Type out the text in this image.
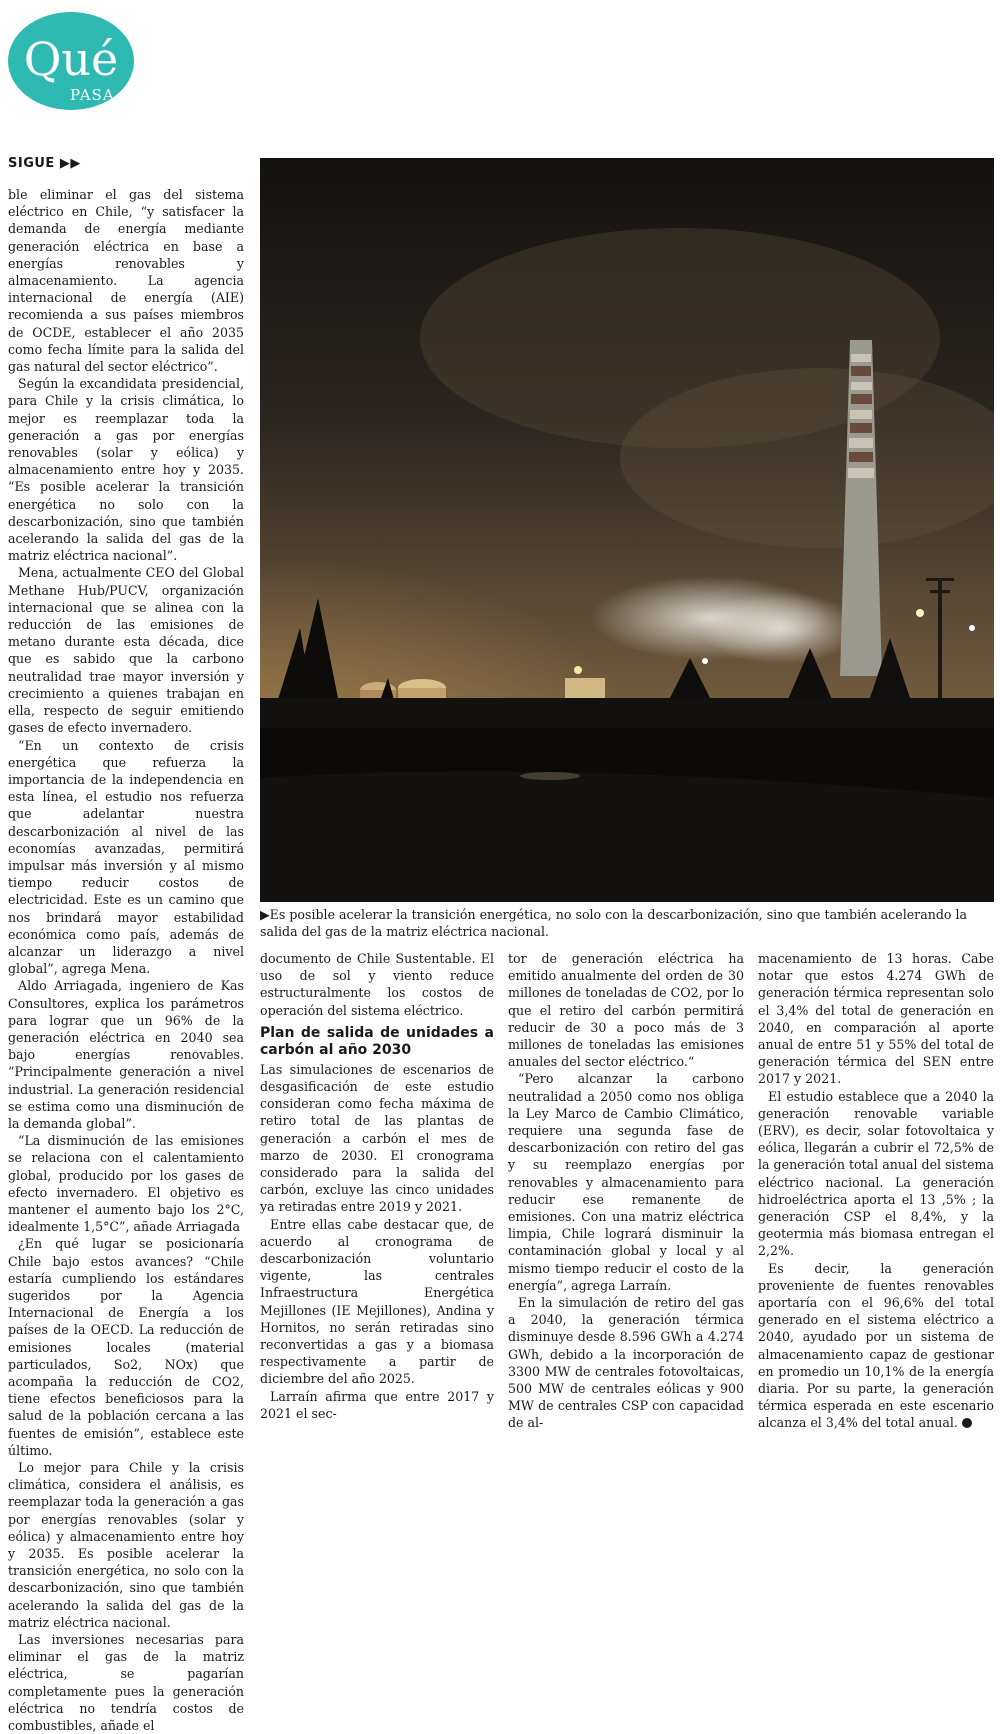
Qué
PASA
SIGUE ▶▶

ble eliminar el gas del sistema eléctrico en Chile, “y satisfacer la demanda de energía mediante generación eléctrica en base a energías renovables y almacenamiento. La agencia internacional de energía (AIE) recomienda a sus países miembros de OCDE, establecer el año 2035 como fecha límite para la salida del gas natural del sector eléctrico”.

Según la excandidata presidencial, para Chile y la crisis climática, lo mejor es reemplazar toda la generación a gas por energías renovables (solar y eólica) y almacenamiento entre hoy y 2035. “Es posible acelerar la transición energética no solo con la descarbonización, sino que también acelerando la salida del gas de la matriz eléctrica nacional”.

Mena, actualmente CEO del Global Methane Hub/PUCV, organización internacional que se alinea con la reducción de las emisiones de metano durante esta década, dice que es sabido que la carbono neutralidad trae mayor inversión y crecimiento a quienes trabajan en ella, respecto de seguir emitiendo gases de efecto invernadero.

“En un contexto de crisis energética que refuerza la importancia de la independencia en esta línea, el estudio nos refuerza que adelantar nuestra descarbonización al nivel de las economías avanzadas, permitirá impulsar más inversión y al mismo tiempo reducir costos de electricidad. Este es un camino que nos brindará mayor estabilidad económica como país, además de alcanzar un liderazgo a nivel global”, agrega Mena.

Aldo Arriagada, ingeniero de Kas Consultores, explica los parámetros para lograr que un 96% de la generación eléctrica en 2040 sea bajo energías renovables. “Principalmente generación a nivel industrial. La generación residencial se estima como una disminución de la demanda global”.

“La disminución de las emisiones se relaciona con el calentamiento global, producido por los gases de efecto invernadero. El objetivo es mantener el aumento bajo los 2°C, idealmente 1,5°C”, añade Arriagada

¿En qué lugar se posicionaría Chile bajo estos avances? “Chile estaría cumpliendo los estándares sugeridos por la Agencia Internacional de Energía a los países de la OECD. La reducción de emisiones locales (material particulados, So2, NOx) que acompaña la reducción de CO2, tiene efectos beneficiosos para la salud de la población cercana a las fuentes de emisión”, establece este último.

Lo mejor para Chile y la crisis climática, considera el análisis, es reemplazar toda la generación a gas por energías renovables (solar y eólica) y almacenamiento entre hoy y 2035. Es posible acelerar la transición energética, no solo con la descarbonización, sino que también acelerando la salida del gas de la matriz eléctrica nacional.

Las inversiones necesarias para eliminar el gas de la matriz eléctrica, se pagarían completamente pues la generación eléctrica no tendría costos de combustibles, añade el

▶Es posible acelerar la transición energética, no solo con la descarbonización, sino que también acelerando la salida del gas de la matriz eléctrica nacional.

documento de Chile Sustentable. El uso de sol y viento reduce estructuralmente los costos de operación del sistema eléctrico.

Plan de salida de unidades a carbón al año 2030

Las simulaciones de escenarios de desgasificación de este estudio consideran como fecha máxima de retiro total de las plantas de generación a carbón el mes de marzo de 2030. El cronograma considerado para la salida del carbón, excluye las cinco unidades ya retiradas entre 2019 y 2021.

Entre ellas cabe destacar que, de acuerdo al cronograma de descarbonización voluntario vigente, las centrales Infraestructura Energética Mejillones (IE Mejillones), Andina y Hornitos, no serán retiradas sino reconvertidas a gas y a biomasa respectivamente a partir de diciembre del año 2025.

Larraín afirma que entre 2017 y 2021 el sec-

tor de generación eléctrica ha emitido anualmente del orden de 30 millones de toneladas de CO2, por lo que el retiro del carbón permitirá reducir de 30 a poco más de 3 millones de toneladas las emisiones anuales del sector eléctrico.“

“Pero alcanzar la carbono neutralidad a 2050 como nos obliga la Ley Marco de Cambio Climático, requiere una segunda fase de descarbonización con retiro del gas y su reemplazo energías por renovables y almacenamiento para reducir ese remanente de emisiones. Con una matriz eléctrica limpia, Chile logrará disminuir la contaminación global y local y al mismo tiempo reducir el costo de la energía”, agrega Larraín.

En la simulación de retiro del gas a 2040, la generación térmica disminuye desde 8.596 GWh a 4.274 GWh, debido a la incorporación de 3300 MW de centrales fotovoltaicas, 500 MW de centrales eólicas y 900 MW de centrales CSP con capacidad de al-

macenamiento de 13 horas. Cabe notar que estos 4.274 GWh de generación térmica representan solo el 3,4% del total de generación en 2040, en comparación al aporte anual de entre 51 y 55% del total de generación térmica del SEN entre 2017 y 2021.

El estudio establece que a 2040 la generación renovable variable (ERV), es decir, solar fotovoltaica y eólica, llegarán a cubrir el 72,5% de la generación total anual del sistema eléctrico nacional. La generación hidroeléctrica aporta el 13 ,5% ; la generación CSP el 8,4%, y la geotermia más biomasa entregan el 2,2%.

Es decir, la generación proveniente de fuentes renovables aportaría con el 96,6% del total generado en el sistema eléctrico a 2040, ayudado por un sistema de almacenamiento capaz de gestionar en promedio un 10,1% de la energía diaria. Por su parte, la generación térmica esperada en este escenario alcanza el 3,4% del total anual.
